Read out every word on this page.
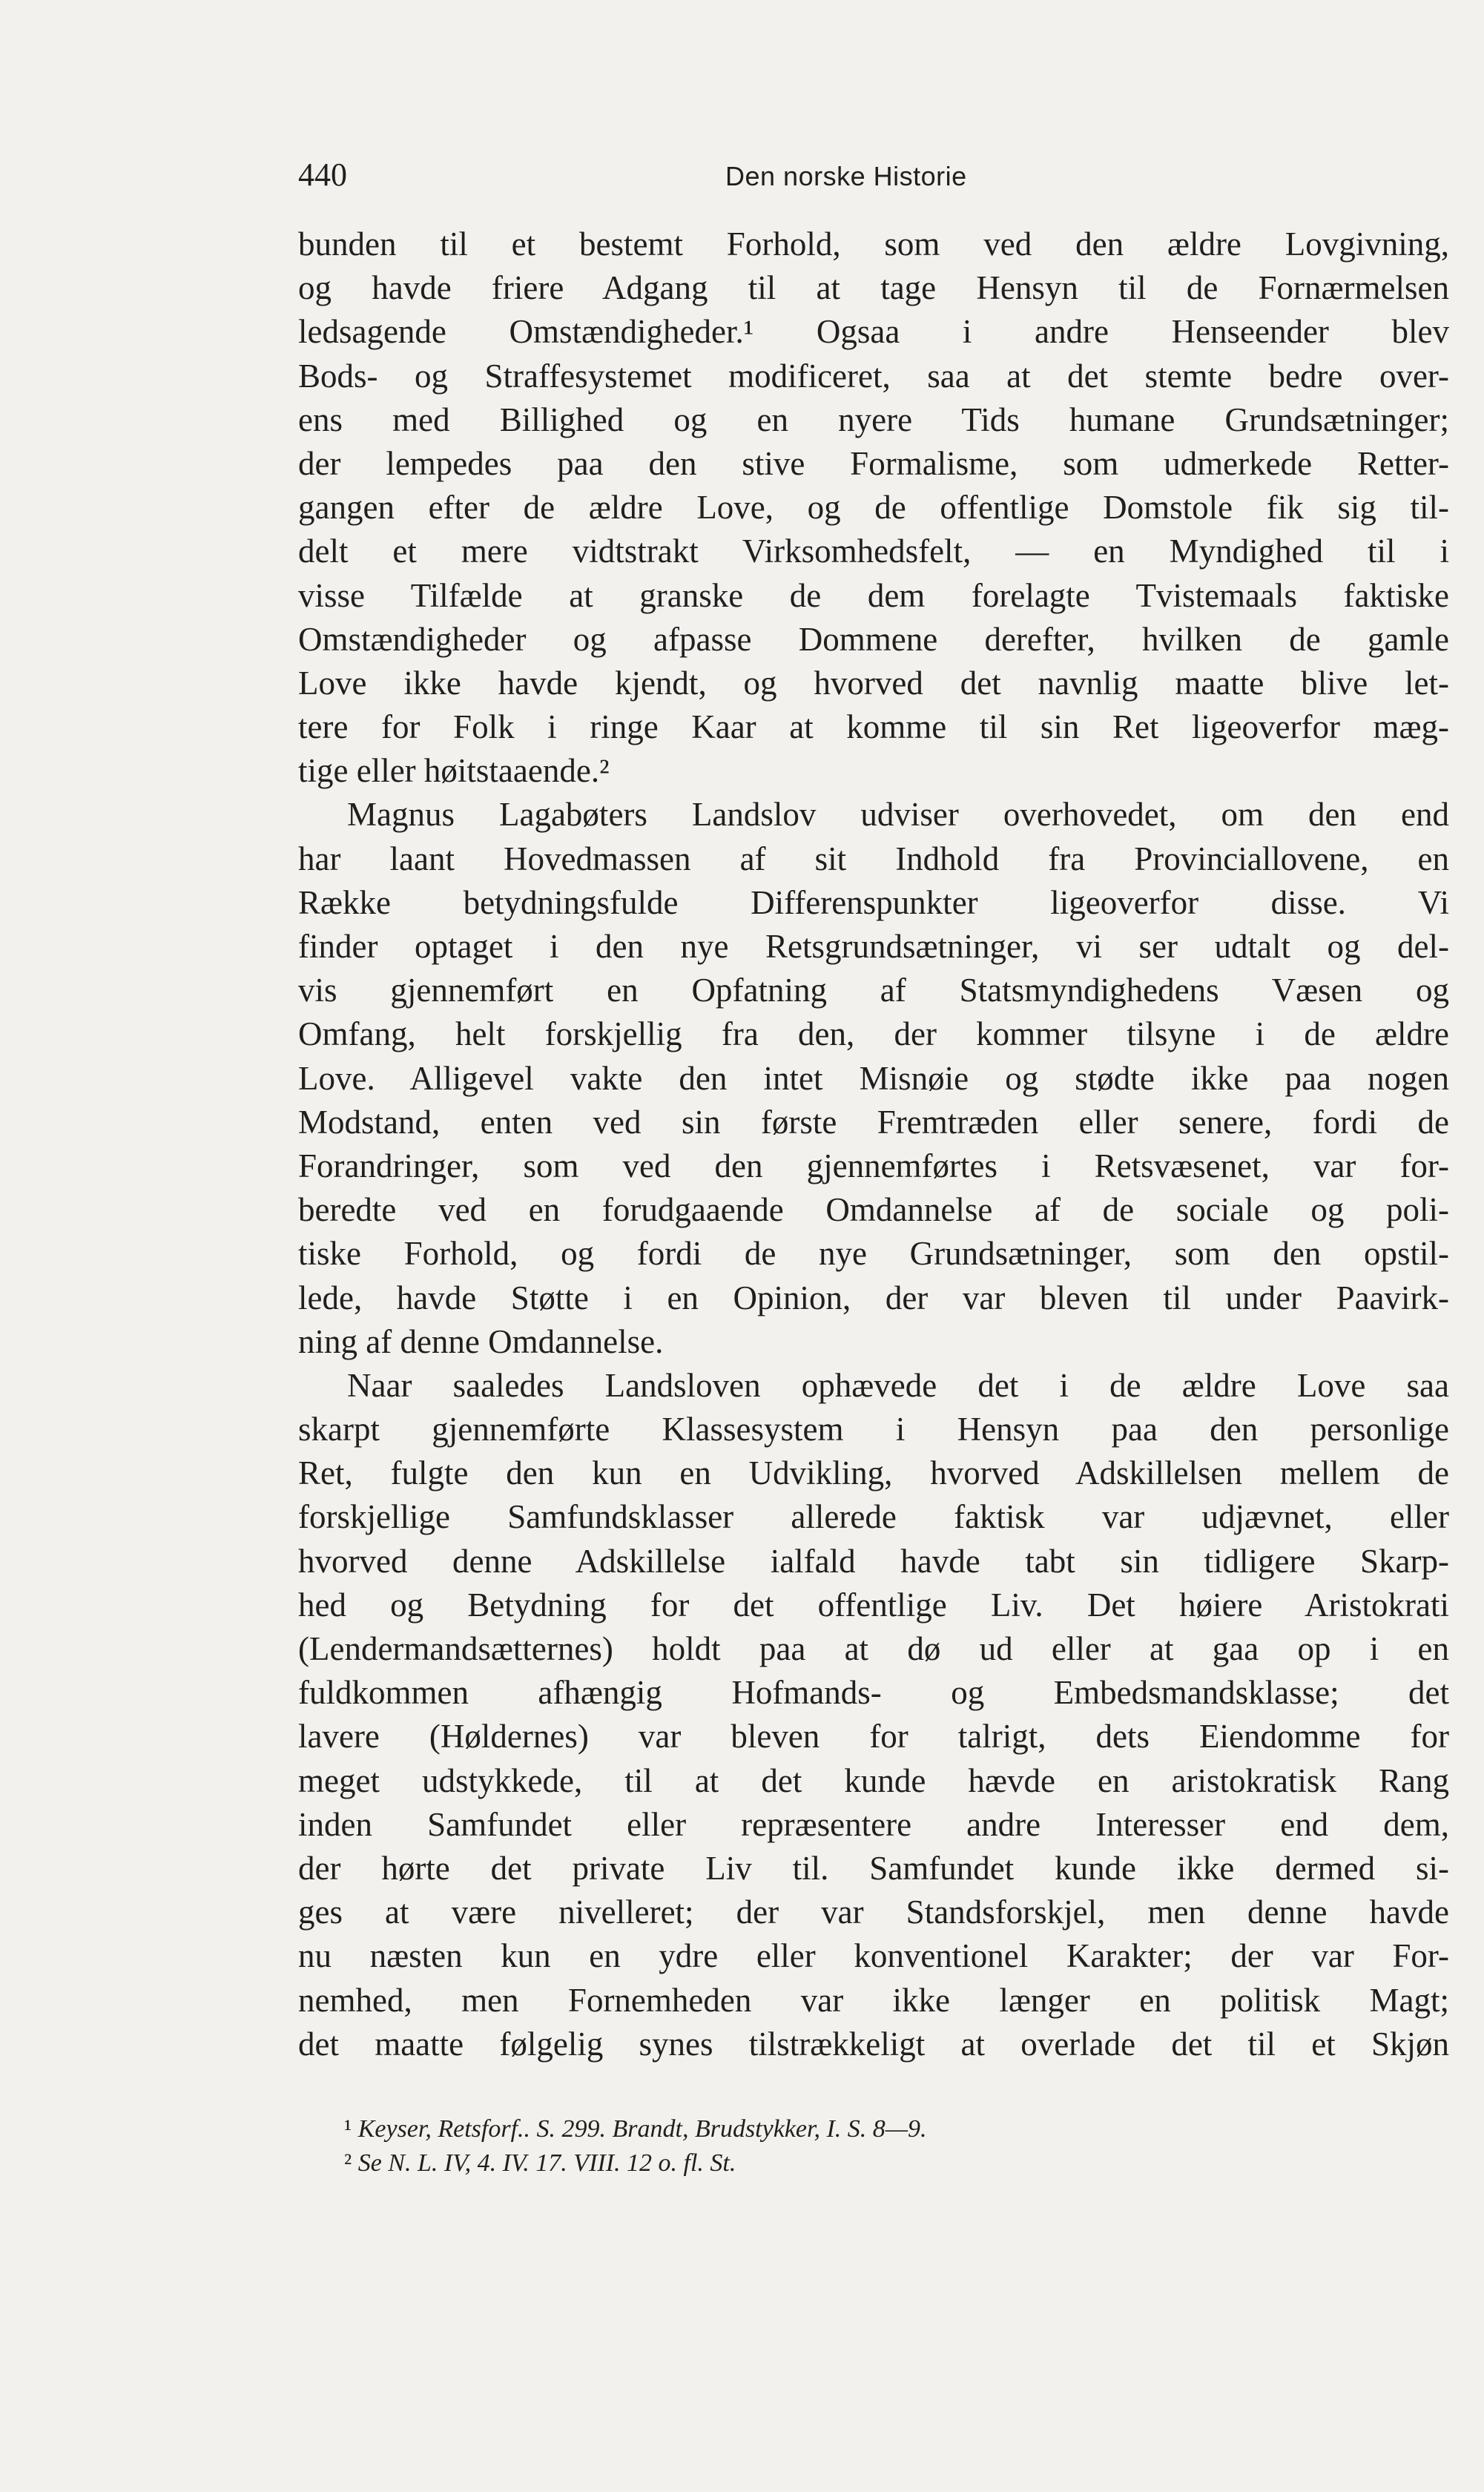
440	Den norske Historie
bunden til et bestemt Forhold, som ved den ældre Lovgivning,
og havde friere Adgang til at tage Hensyn til de Fornærmelsen
ledsagende Omstændigheder.¹ Ogsaa i andre Henseender blev
Bods- og Straffesystemet modificeret, saa at det stemte bedre over-
ens med Billighed og en nyere Tids humane Grundsætninger;
der lempedes paa den stive Formalisme, som udmerkede Retter-
gangen efter de ældre Love, og de offentlige Domstole fik sig til-
delt et mere vidtstrakt Virksomhedsfelt, — en Myndighed til i
visse Tilfælde at granske de dem forelagte Tvistemaals faktiske
Omstændigheder og afpasse Dommene derefter, hvilken de gamle
Love ikke havde kjendt, og hvorved det navnlig maatte blive let-
tere for Folk i ringe Kaar at komme til sin Ret ligeoverfor mæg-
tige eller høitstaaende.²
Magnus Lagabøters Landslov udviser overhovedet, om den end
har laant Hovedmassen af sit Indhold fra Provinciallovene, en
Række betydningsfulde Differenspunkter ligeoverfor disse. Vi
finder optaget i den nye Retsgrundsætninger, vi ser udtalt og del-
vis gjennemført en Opfatning af Statsmyndighedens Væsen og
Omfang, helt forskjellig fra den, der kommer tilsyne i de ældre
Love. Alligevel vakte den intet Misnøie og stødte ikke paa nogen
Modstand, enten ved sin første Fremtræden eller senere, fordi de
Forandringer, som ved den gjennemførtes i Retsvæsenet, var for-
beredte ved en forudgaaende Omdannelse af de sociale og poli-
tiske Forhold, og fordi de nye Grundsætninger, som den opstil-
lede, havde Støtte i en Opinion, der var bleven til under Paavirk-
ning af denne Omdannelse.
Naar saaledes Landsloven ophævede det i de ældre Love saa
skarpt gjennemførte Klassesystem i Hensyn paa den personlige
Ret, fulgte den kun en Udvikling, hvorved Adskillelsen mellem de
forskjellige Samfundsklasser allerede faktisk var udjævnet, eller
hvorved denne Adskillelse ialfald havde tabt sin tidligere Skarp-
hed og Betydning for det offentlige Liv. Det høiere Aristokrati
(Lendermandsætternes) holdt paa at dø ud eller at gaa op i en
fuldkommen afhængig Hofmands- og Embedsmandsklasse; det
lavere (Høldernes) var bleven for talrigt, dets Eiendomme for
meget udstykkede, til at det kunde hævde en aristokratisk Rang
inden Samfundet eller repræsentere andre Interesser end dem,
der hørte det private Liv til. Samfundet kunde ikke dermed si-
ges at være nivelleret; der var Standsforskjel, men denne havde
nu næsten kun en ydre eller konventionel Karakter; der var For-
nemhed, men Fornemheden var ikke længer en politisk Magt;
det maatte følgelig synes tilstrækkeligt at overlade det til et Skjøn
¹ Keyser, Retsforf.. S. 299. Brandt, Brudstykker, I. S. 8—9.
² Se N. L. IV, 4. IV. 17. VIII. 12 o. fl. St.
